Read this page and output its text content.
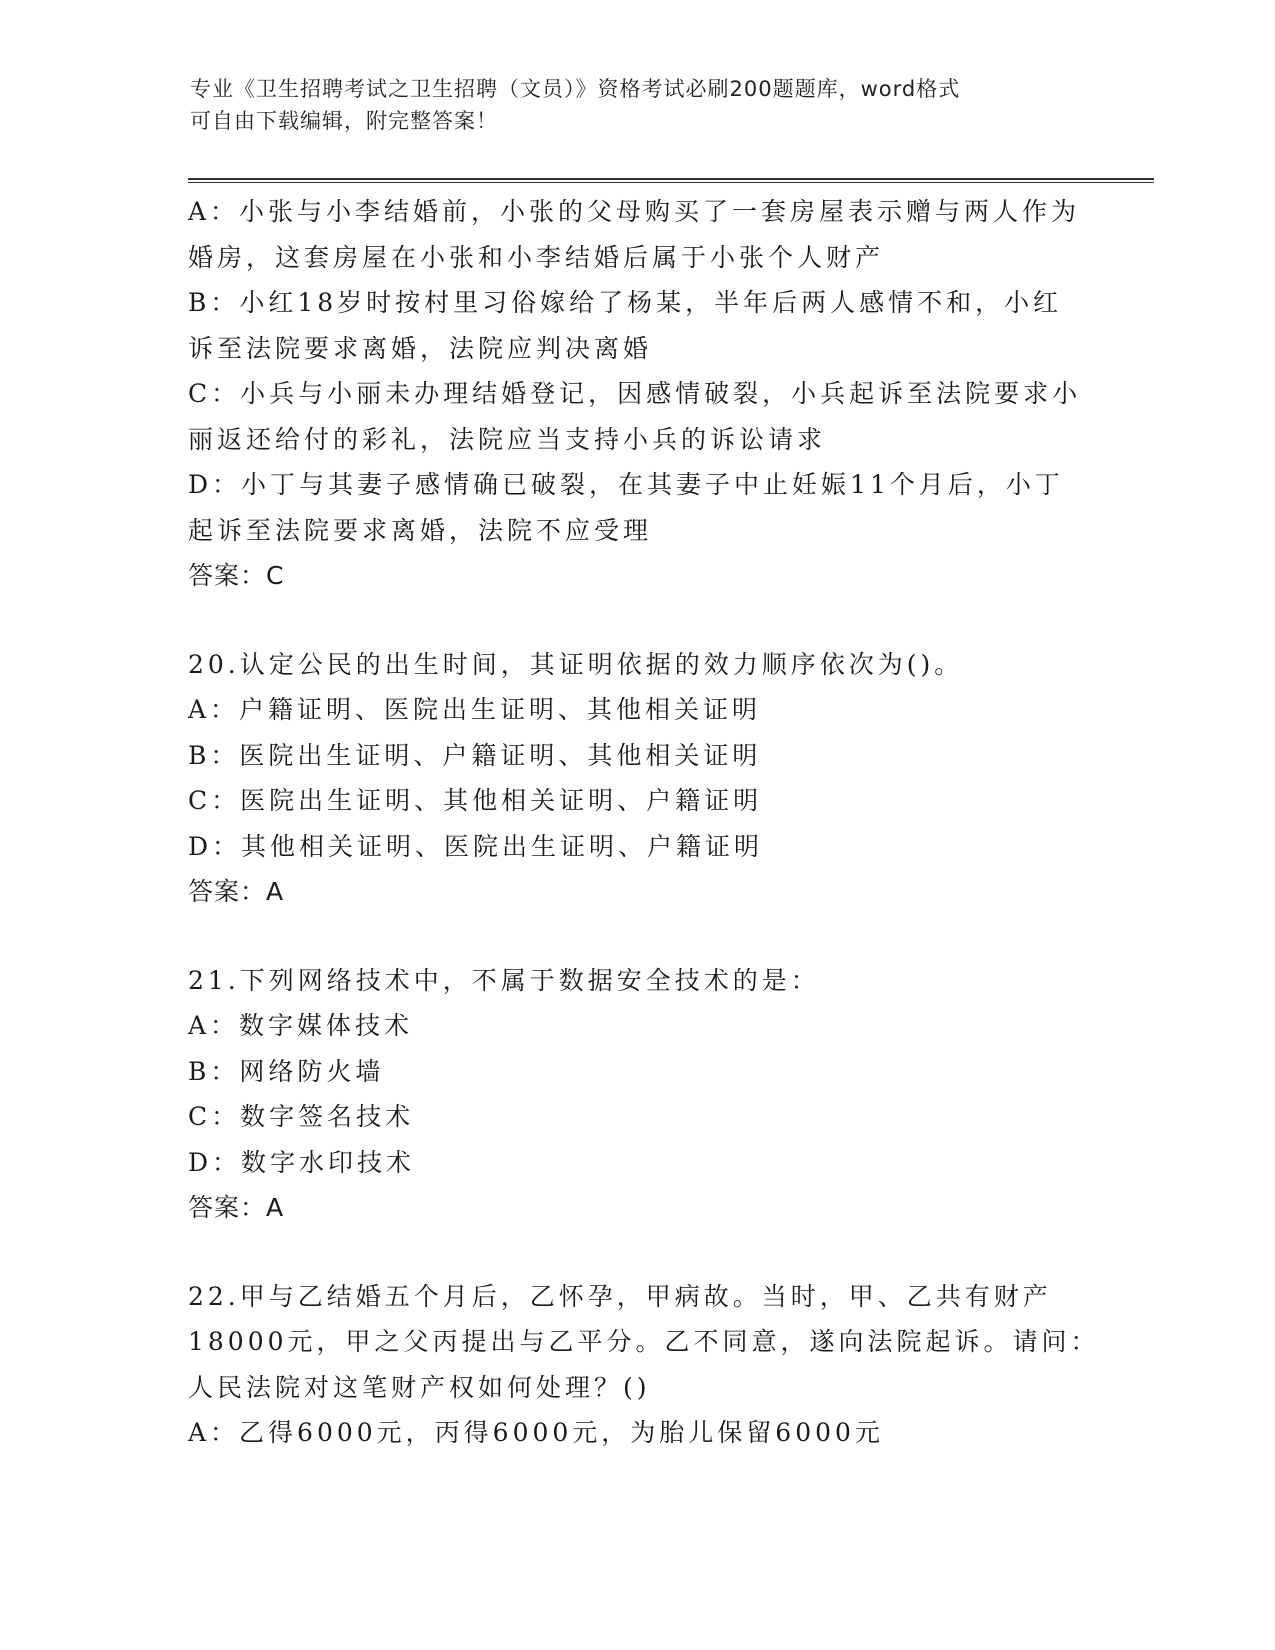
专业《卫生招聘考试之卫生招聘（文员）》资格考试必刷200题题库，word格式
可自由下载编辑，附完整答案！
A：小张与小李结婚前，小张的父母购买了一套房屋表示赠与两人作为
婚房，这套房屋在小张和小李结婚后属于小张个人财产
B：小红18岁时按村里习俗嫁给了杨某，半年后两人感情不和，小红
诉至法院要求离婚，法院应判决离婚
C：小兵与小丽未办理结婚登记，因感情破裂，小兵起诉至法院要求小
丽返还给付的彩礼，法院应当支持小兵的诉讼请求
D：小丁与其妻子感情确已破裂，在其妻子中止妊娠11个月后，小丁
起诉至法院要求离婚，法院不应受理
答案：C
20.认定公民的出生时间，其证明依据的效力顺序依次为()。
A：户籍证明、医院出生证明、其他相关证明
B：医院出生证明、户籍证明、其他相关证明
C：医院出生证明、其他相关证明、户籍证明
D：其他相关证明、医院出生证明、户籍证明
答案：A
21.下列网络技术中，不属于数据安全技术的是：
A：数字媒体技术
B：网络防火墙
C：数字签名技术
D：数字水印技术
答案：A
22.甲与乙结婚五个月后，乙怀孕，甲病故。当时，甲、乙共有财产
18000元，甲之父丙提出与乙平分。乙不同意，遂向法院起诉。请问：
人民法院对这笔财产权如何处理？()
A：乙得6000元，丙得6000元，为胎儿保留6000元
